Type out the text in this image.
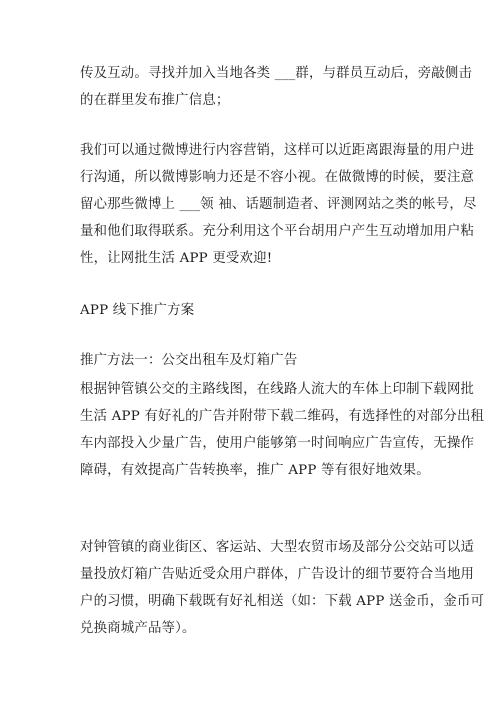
传及互动。寻找并加入当地各类 ___群，与群员互动后，旁敲侧击
的在群里发布推广信息；

我们可以通过微博进行内容营销，这样可以近距离跟海量的用户进
行沟通，所以微博影响力还是不容小视。在做微博的时候，要注意
留心那些微博上 ___领 袖、话题制造者、评测网站之类的帐号，尽
量和他们取得联系。充分利用这个平台胡用户产生互动增加用户粘
性，让网批生活 APP 更受欢迎!

APP 线下推广方案

推广方法一：公交出租车及灯箱广告

根据钟管镇公交的主路线图，在线路人流大的车体上印制下载网批
生活 APP 有好礼的广告并附带下载二维码，有选择性的对部分出租
车内部投入少量广告，使用户能够第一时间响应广告宣传，无操作
障碍，有效提高广告转换率，推广 APP 等有很好地效果。

对钟管镇的商业街区、客运站、大型农贸市场及部分公交站可以适
量投放灯箱广告贴近受众用户群体，广告设计的细节要符合当地用
户的习惯，明确下载既有好礼相送（如：下载 APP 送金币，金币可
兑换商城产品等）。
